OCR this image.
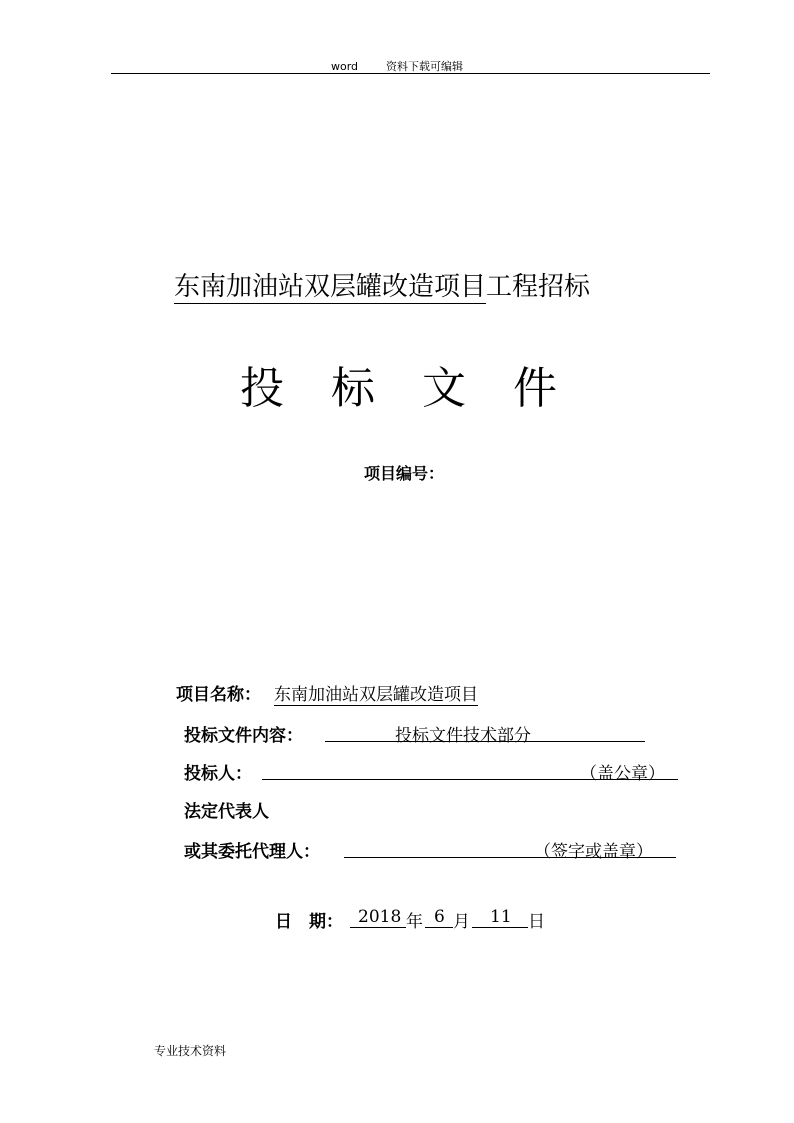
word	资料下载可编辑
东南加油站双层罐改造项目工程招标
投 标 文 件
项目编号：
项目名称： 东南加油站双层罐改造项目
投标文件内容：	投标文件技术部分
投标人：	（盖公章）
法定代表人
或其委托代理人：	（签字或盖章）
日　期： 2018 年 6 月 11 日
专业技术资料
